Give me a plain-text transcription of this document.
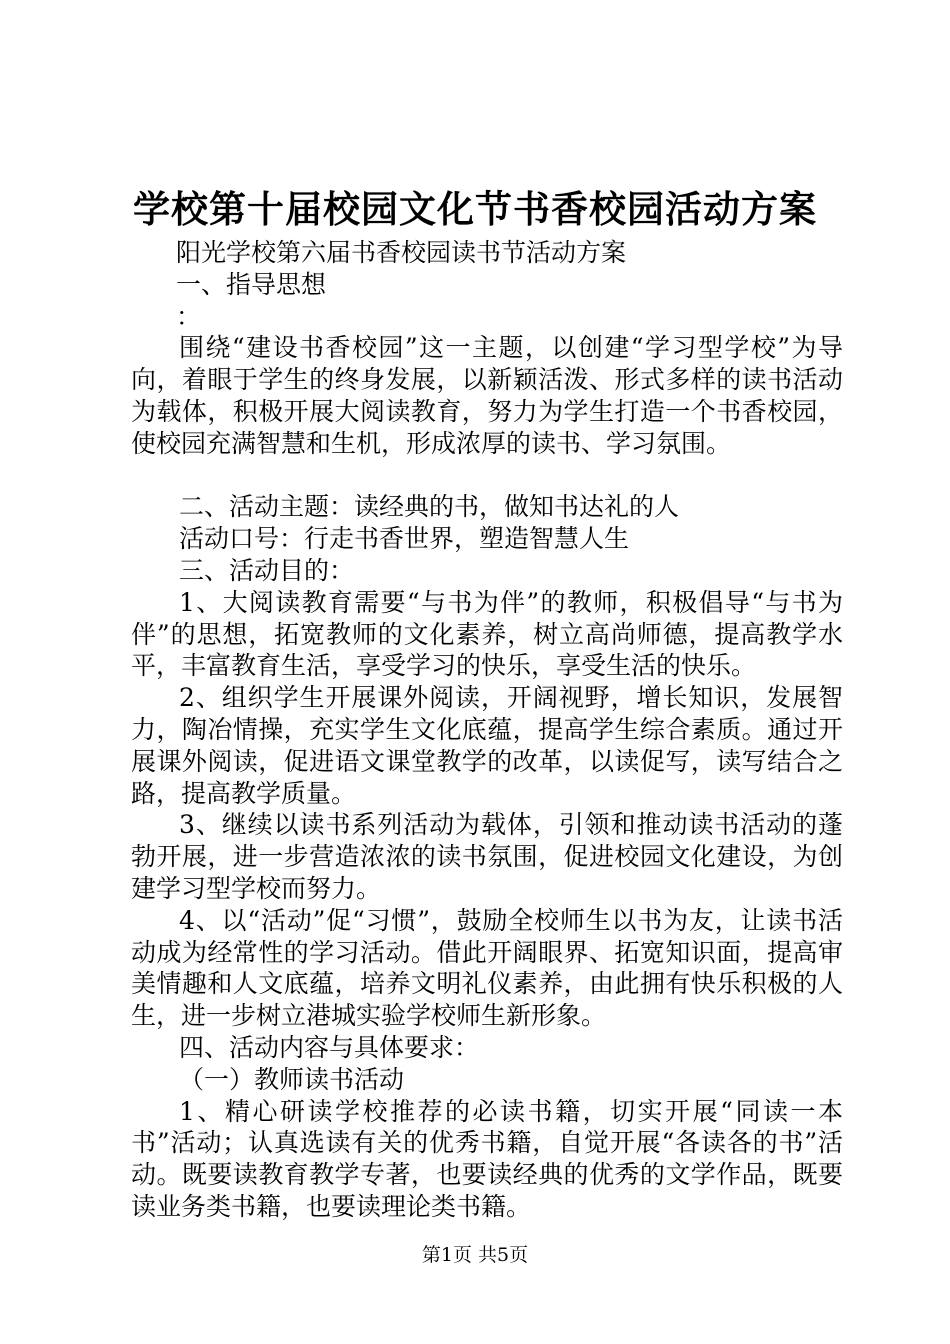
学校第十届校园文化节书香校园活动方案

阳光学校第六届书香校园读书节活动方案

一、指导思想

：

围绕“建设书香校园”这一主题，以创建“学习型学校”为导向，着眼于学生的终身发展，以新颖活泼、形式多样的读书活动为载体，积极开展大阅读教育，努力为学生打造一个书香校园，使校园充满智慧和生机，形成浓厚的读书、学习氛围。

二、活动主题：读经典的书，做知书达礼的人

活动口号：行走书香世界，塑造智慧人生

三、活动目的：

1、大阅读教育需要“与书为伴”的教师，积极倡导“与书为伴”的思想，拓宽教师的文化素养，树立高尚师德，提高教学水平，丰富教育生活，享受学习的快乐，享受生活的快乐。

2、组织学生开展课外阅读，开阔视野，增长知识，发展智力，陶冶情操，充实学生文化底蕴，提高学生综合素质。通过开展课外阅读，促进语文课堂教学的改革，以读促写，读写结合之路，提高教学质量。

3、继续以读书系列活动为载体，引领和推动读书活动的蓬勃开展，进一步营造浓浓的读书氛围，促进校园文化建设，为创建学习型学校而努力。

4、以“活动”促“习惯”，鼓励全校师生以书为友，让读书活动成为经常性的学习活动。借此开阔眼界、拓宽知识面，提高审美情趣和人文底蕴，培养文明礼仪素养，由此拥有快乐积极的人生，进一步树立港城实验学校师生新形象。

四、活动内容与具体要求：

（一）教师读书活动

1、精心研读学校推荐的必读书籍，切实开展“同读一本书”活动；认真选读有关的优秀书籍，自觉开展“各读各的书”活动。既要读教育教学专著，也要读经典的优秀的文学作品，既要读业务类书籍，也要读理论类书籍。

第1页 共5页
